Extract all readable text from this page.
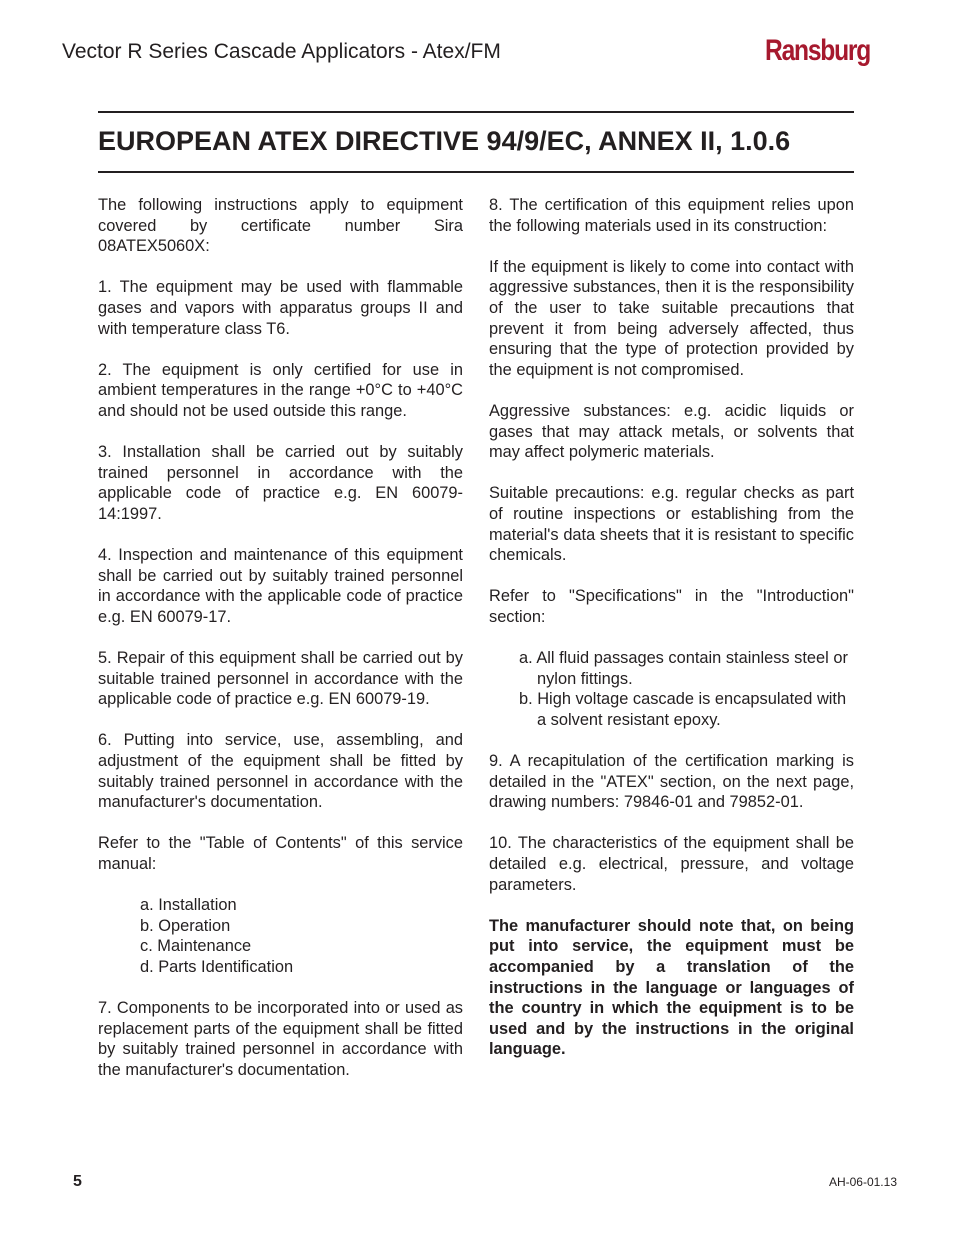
Vector R Series Cascade Applicators - Atex/FM	Ransburg
EUROPEAN ATEX DIRECTIVE 94/9/EC, ANNEX II, 1.0.6

The following instructions apply to equipment covered by certificate number Sira 08ATEX5060X:

1. The equipment may be used with flammable gases and vapors with apparatus groups II and with temperature class T6.

2. The equipment is only certified for use in ambient temperatures in the range +0°C to +40°C and should not be used outside this range.

3. Installation shall be carried out by suitably trained personnel in accordance with the applicable code of practice e.g. EN 60079-14:1997.

4. Inspection and maintenance of this equipment shall be carried out by suitably trained personnel in accordance with the applicable code of practice e.g. EN 60079-17.

5. Repair of this equipment shall be carried out by suitable trained personnel in accordance with the applicable code of practice e.g. EN 60079-19.

6. Putting into service, use, assembling, and adjustment of the equipment shall be fitted by suitably trained personnel in accordance with the manufacturer's documentation.

Refer to the "Table of Contents" of this service manual:

a. Installation
b. Operation
c. Maintenance
d. Parts Identification

7. Components to be incorporated into or used as replacement parts of the equipment shall be fitted by suitably trained personnel in accordance with the manufacturer's documentation.

8. The certification of this equipment relies upon the following materials used in its construction:

If the equipment is likely to come into contact with aggressive substances, then it is the responsibility of the user to take suitable precautions that prevent it from being adversely affected, thus ensuring that the type of protection provided by the equipment is not compromised.

Aggressive substances: e.g. acidic liquids or gases that may attack metals, or solvents that may affect polymeric materials.

Suitable precautions: e.g. regular checks as part of routine inspections or establishing from the material's data sheets that it is resistant to specific chemicals.

Refer to "Specifications" in the "Introduction" section:

a. All fluid passages contain stainless steel or nylon fittings.
b. High voltage cascade is encapsulated with a solvent resistant epoxy.

9. A recapitulation of the certification marking is detailed in the "ATEX" section, on the next page, drawing numbers: 79846-01 and 79852-01.

10. The characteristics of the equipment shall be detailed e.g. electrical, pressure, and voltage parameters.

The manufacturer should note that, on being put into service, the equipment must be accompanied by a translation of the instructions in the language or languages of the country in which the equipment is to be used and by the instructions in the original language.

5	AH-06-01.13
